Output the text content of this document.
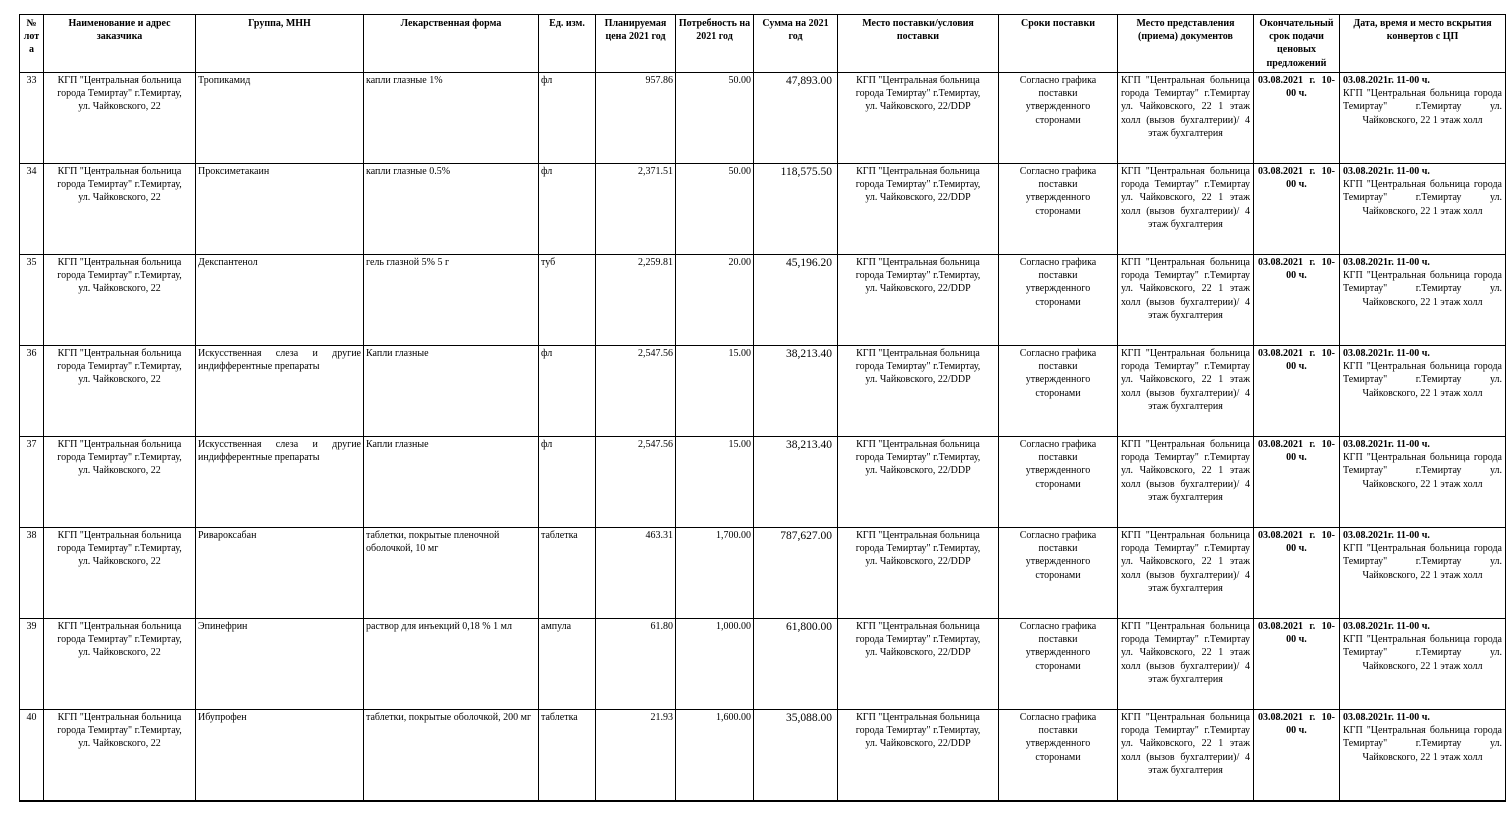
№ лота	Наименование и адрес заказчика	Группа, МНН	Лекарственная форма	Ед. изм.	Планируемая цена 2021 год	Потребность на 2021 год	Сумма на 2021 год	Место поставки/условия поставки	Сроки поставки	Место представления (приема) документов	Окончательный срок подачи ценовых предложений	Дата, время и место вскрытия конвертов с ЦП
33	КГП "Центральная больница города Темиртау" г.Темиртау, ул. Чайковского, 22	Тропикамид	капли глазные 1%	фл	957.86	50.00	47,893.00	КГП "Центральная больница города Темиртау" г.Темиртау, ул. Чайковского, 22/DDP	Согласно графика поставки утвержденного сторонами	КГП "Центральная больница города Темиртау" г.Темиртау ул. Чайковского, 22 1 этаж холл (вызов бухгалтерии)/ 4 этаж бухгалтерия	03.08.2021 г. 10-00 ч.	03.08.2021г. 11-00 ч.
КГП "Центральная больница города Темиртау" г.Темиртау ул. Чайковского, 22 1 этаж холл

34	КГП "Центральная больница города Темиртау" г.Темиртау, ул. Чайковского, 22	Проксиметакаин	капли глазные 0.5%	фл	2,371.51	50.00	118,575.50	КГП "Центральная больница города Темиртау" г.Темиртау, ул. Чайковского, 22/DDP	Согласно графика поставки утвержденного сторонами	КГП "Центральная больница города Темиртау" г.Темиртау ул. Чайковского, 22 1 этаж холл (вызов бухгалтерии)/ 4 этаж бухгалтерия	03.08.2021 г. 10-00 ч.	03.08.2021г. 11-00 ч.
КГП "Центральная больница города Темиртау" г.Темиртау ул. Чайковского, 22 1 этаж холл

35	КГП "Центральная больница города Темиртау" г.Темиртау, ул. Чайковского, 22	Декспантенол	гель глазной 5% 5 г	туб	2,259.81	20.00	45,196.20	КГП "Центральная больница города Темиртау" г.Темиртау, ул. Чайковского, 22/DDP	Согласно графика поставки утвержденного сторонами	КГП "Центральная больница города Темиртау" г.Темиртау ул. Чайковского, 22 1 этаж холл (вызов бухгалтерии)/ 4 этаж бухгалтерия	03.08.2021 г. 10-00 ч.	03.08.2021г. 11-00 ч.
КГП "Центральная больница города Темиртау" г.Темиртау ул. Чайковского, 22 1 этаж холл

36	КГП "Центральная больница города Темиртау" г.Темиртау, ул. Чайковского, 22	Искусственная слеза и другие индифферентные препараты	Капли глазные	фл	2,547.56	15.00	38,213.40	КГП "Центральная больница города Темиртау" г.Темиртау, ул. Чайковского, 22/DDP	Согласно графика поставки утвержденного сторонами	КГП "Центральная больница города Темиртау" г.Темиртау ул. Чайковского, 22 1 этаж холл (вызов бухгалтерии)/ 4 этаж бухгалтерия	03.08.2021 г. 10-00 ч.	03.08.2021г. 11-00 ч.
КГП "Центральная больница города Темиртау" г.Темиртау ул. Чайковского, 22 1 этаж холл

37	КГП "Центральная больница города Темиртау" г.Темиртау, ул. Чайковского, 22	Искусственная слеза и другие индифферентные препараты	Капли глазные	фл	2,547.56	15.00	38,213.40	КГП "Центральная больница города Темиртау" г.Темиртау, ул. Чайковского, 22/DDP	Согласно графика поставки утвержденного сторонами	КГП "Центральная больница города Темиртау" г.Темиртау ул. Чайковского, 22 1 этаж холл (вызов бухгалтерии)/ 4 этаж бухгалтерия	03.08.2021 г. 10-00 ч.	03.08.2021г. 11-00 ч.
КГП "Центральная больница города Темиртау" г.Темиртау ул. Чайковского, 22 1 этаж холл

38	КГП "Центральная больница города Темиртау" г.Темиртау, ул. Чайковского, 22	Ривароксабан	таблетки, покрытые пленочной оболочкой, 10 мг	таблетка	463.31	1,700.00	787,627.00	КГП "Центральная больница города Темиртау" г.Темиртау, ул. Чайковского, 22/DDP	Согласно графика поставки утвержденного сторонами	КГП "Центральная больница города Темиртау" г.Темиртау ул. Чайковского, 22 1 этаж холл (вызов бухгалтерии)/ 4 этаж бухгалтерия	03.08.2021 г. 10-00 ч.	03.08.2021г. 11-00 ч.
КГП "Центральная больница города Темиртау" г.Темиртау ул. Чайковского, 22 1 этаж холл

39	КГП "Центральная больница города Темиртау" г.Темиртау, ул. Чайковского, 22	Эпинефрин	раствор для инъекций 0,18 % 1 мл	ампула	61.80	1,000.00	61,800.00	КГП "Центральная больница города Темиртау" г.Темиртау, ул. Чайковского, 22/DDP	Согласно графика поставки утвержденного сторонами	КГП "Центральная больница города Темиртау" г.Темиртау ул. Чайковского, 22 1 этаж холл (вызов бухгалтерии)/ 4 этаж бухгалтерия	03.08.2021 г. 10-00 ч.	03.08.2021г. 11-00 ч.
КГП "Центральная больница города Темиртау" г.Темиртау ул. Чайковского, 22 1 этаж холл

40	КГП "Центральная больница города Темиртау" г.Темиртау, ул. Чайковского, 22	Ибупрофен	таблетки, покрытые оболочкой, 200 мг	таблетка	21.93	1,600.00	35,088.00	КГП "Центральная больница города Темиртау" г.Темиртау, ул. Чайковского, 22/DDP	Согласно графика поставки утвержденного сторонами	КГП "Центральная больница города Темиртау" г.Темиртау ул. Чайковского, 22 1 этаж холл (вызов бухгалтерии)/ 4 этаж бухгалтерия	03.08.2021 г. 10-00 ч.	03.08.2021г. 11-00 ч.
КГП "Центральная больница города Темиртау" г.Темиртау ул. Чайковского, 22 1 этаж холл
